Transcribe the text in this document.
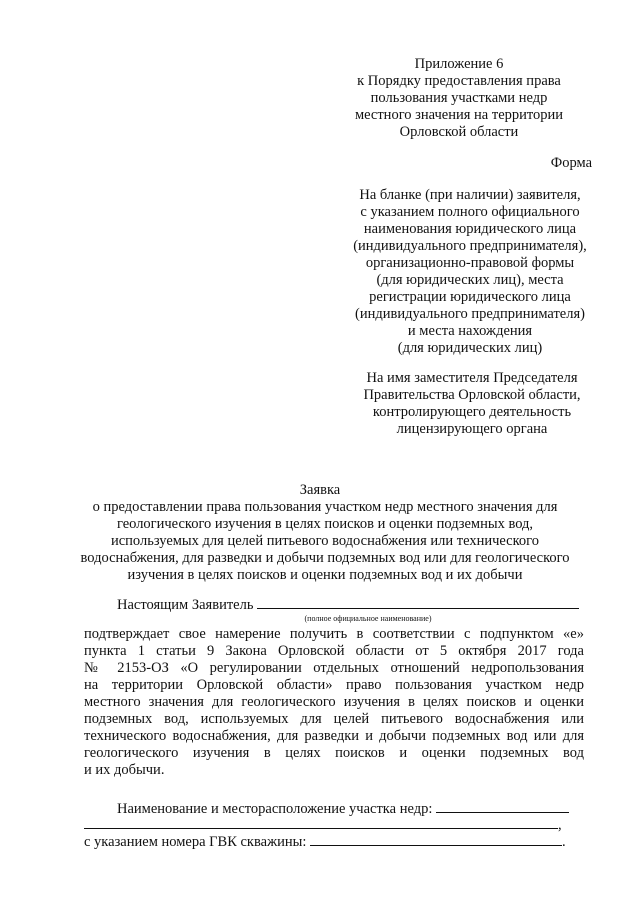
Приложение 6
к Порядку предоставления права
пользования участками недр
местного значения на территории
Орловской области
Форма
На бланке (при наличии) заявителя,
с указанием полного официального
наименования юридического лица
(индивидуального предпринимателя),
организационно-правовой формы
(для юридических лиц), места
регистрации юридического лица
(индивидуального предпринимателя)
и места нахождения
(для юридических лиц)
На имя заместителя Председателя
Правительства Орловской области,
контролирующего деятельность
лицензирующего органа
Заявка
о предоставлении права пользования участком недр местного значения для
геологического изучения в целях поисков и оценки подземных вод,
используемых для целей питьевого водоснабжения или технического
водоснабжения, для разведки и добычи подземных вод или для геологического
изучения в целях поисков и оценки подземных вод и их добычи
Настоящим Заявитель
(полное официальное наименование)
подтверждает свое намерение получить в соответствии с подпунктом «е»
пункта 1 статьи 9 Закона Орловской области от 5 октября 2017 года
№ 2153-ОЗ «О регулировании отдельных отношений недропользования
на территории Орловской области» право пользования участком недр
местного значения для геологического изучения в целях поисков и оценки
подземных вод, используемых для целей питьевого водоснабжения или
технического водоснабжения, для разведки и добычи подземных вод или для
геологического изучения в целях поисков и оценки подземных вод
и их добычи.
Наименование и месторасположение участка недр:
,
с указанием номера ГВК скважины:	.
